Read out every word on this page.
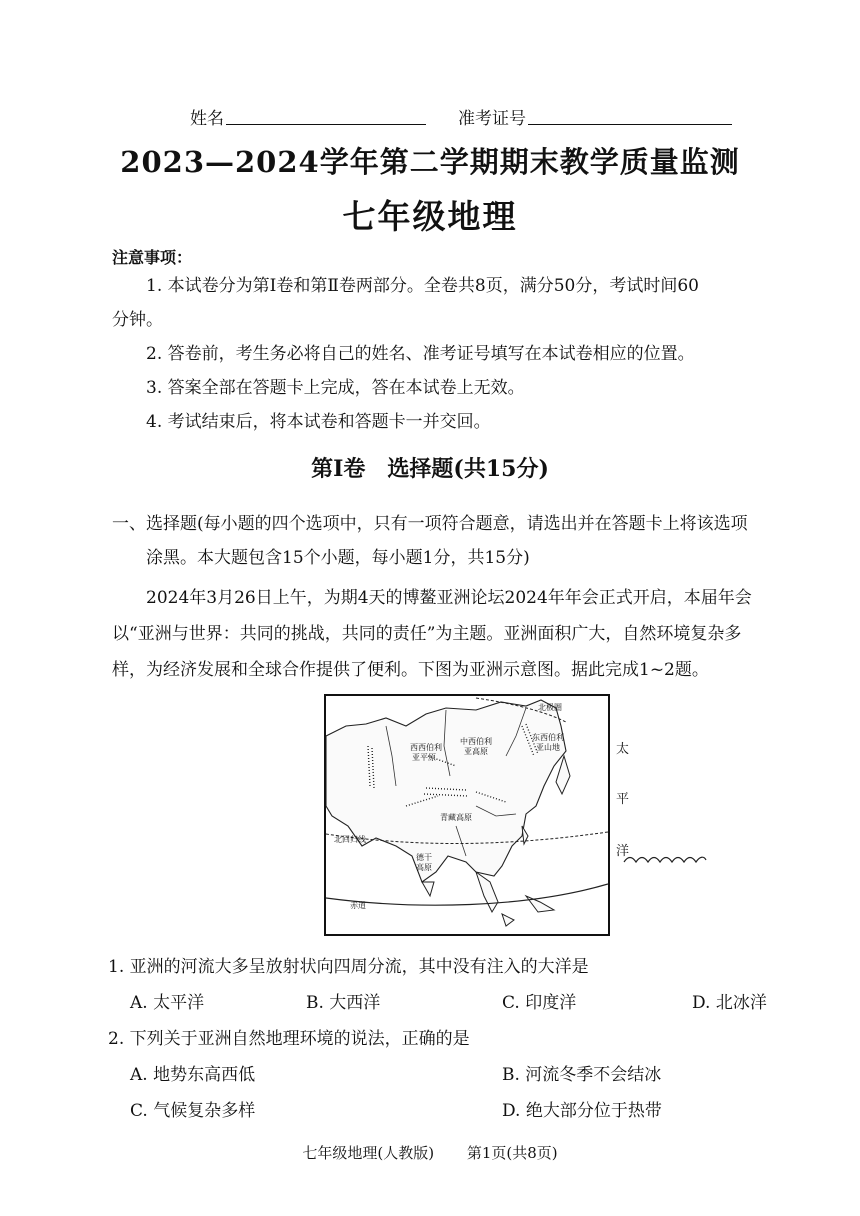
姓名	准考证号
2023—2024学年第二学期期末教学质量监测
七年级地理
注意事项：
1. 本试卷分为第Ⅰ卷和第Ⅱ卷两部分。全卷共8页，满分50分，考试时间60
分钟。
2. 答卷前，考生务必将自己的姓名、准考证号填写在本试卷相应的位置。
3. 答案全部在答题卡上完成，答在本试卷上无效。
4. 考试结束后，将本试卷和答题卡一并交回。
第Ⅰ卷　选择题(共15分)
一、选择题(每小题的四个选项中，只有一项符合题意，请选出并在答题卡上将该选项
涂黑。本大题包含15个小题，每小题1分，共15分)
2024年3月26日上午，为期4天的博鳌亚洲论坛2024年年会正式开启，本届年会
以“亚洲与世界：共同的挑战，共同的责任”为主题。亚洲面积广大，自然环境复杂多
样，为经济发展和全球合作提供了便利。下图为亚洲示意图。据此完成1~2题。
北极圈
西西伯利
亚平原
中西伯利
亚高原
东西伯利
亚山地
青藏高原
北回归线
德干
高原
赤道
太
平
洋
1. 亚洲的河流大多呈放射状向四周分流，其中没有注入的大洋是
A. 太平洋	B. 大西洋	C. 印度洋	D. 北冰洋
2. 下列关于亚洲自然地理环境的说法，正确的是
A. 地势东高西低	B. 河流冬季不会结冰
C. 气候复杂多样	D. 绝大部分位于热带
七年级地理(人教版) 第1页(共8页)
